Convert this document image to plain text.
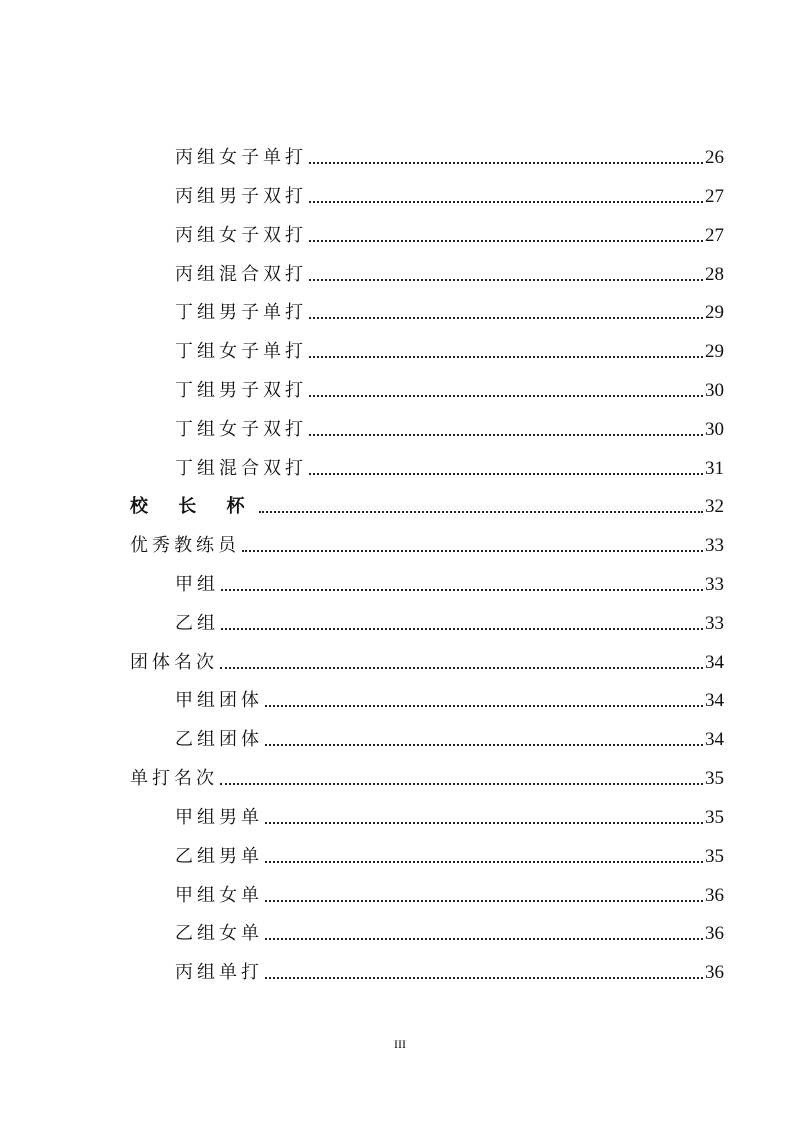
丙组女子单打	26
丙组男子双打	27
丙组女子双打	27
丙组混合双打	28
丁组男子单打	29
丁组女子单打	29
丁组男子双打	30
丁组女子双打	30
丁组混合双打	31
校 长 杯	32
优秀教练员	33
甲组	33
乙组	33
团体名次	34
甲组团体	34
乙组团体	34
单打名次	35
甲组男单	35
乙组男单	35
甲组女单	36
乙组女单	36
丙组单打	36
III
